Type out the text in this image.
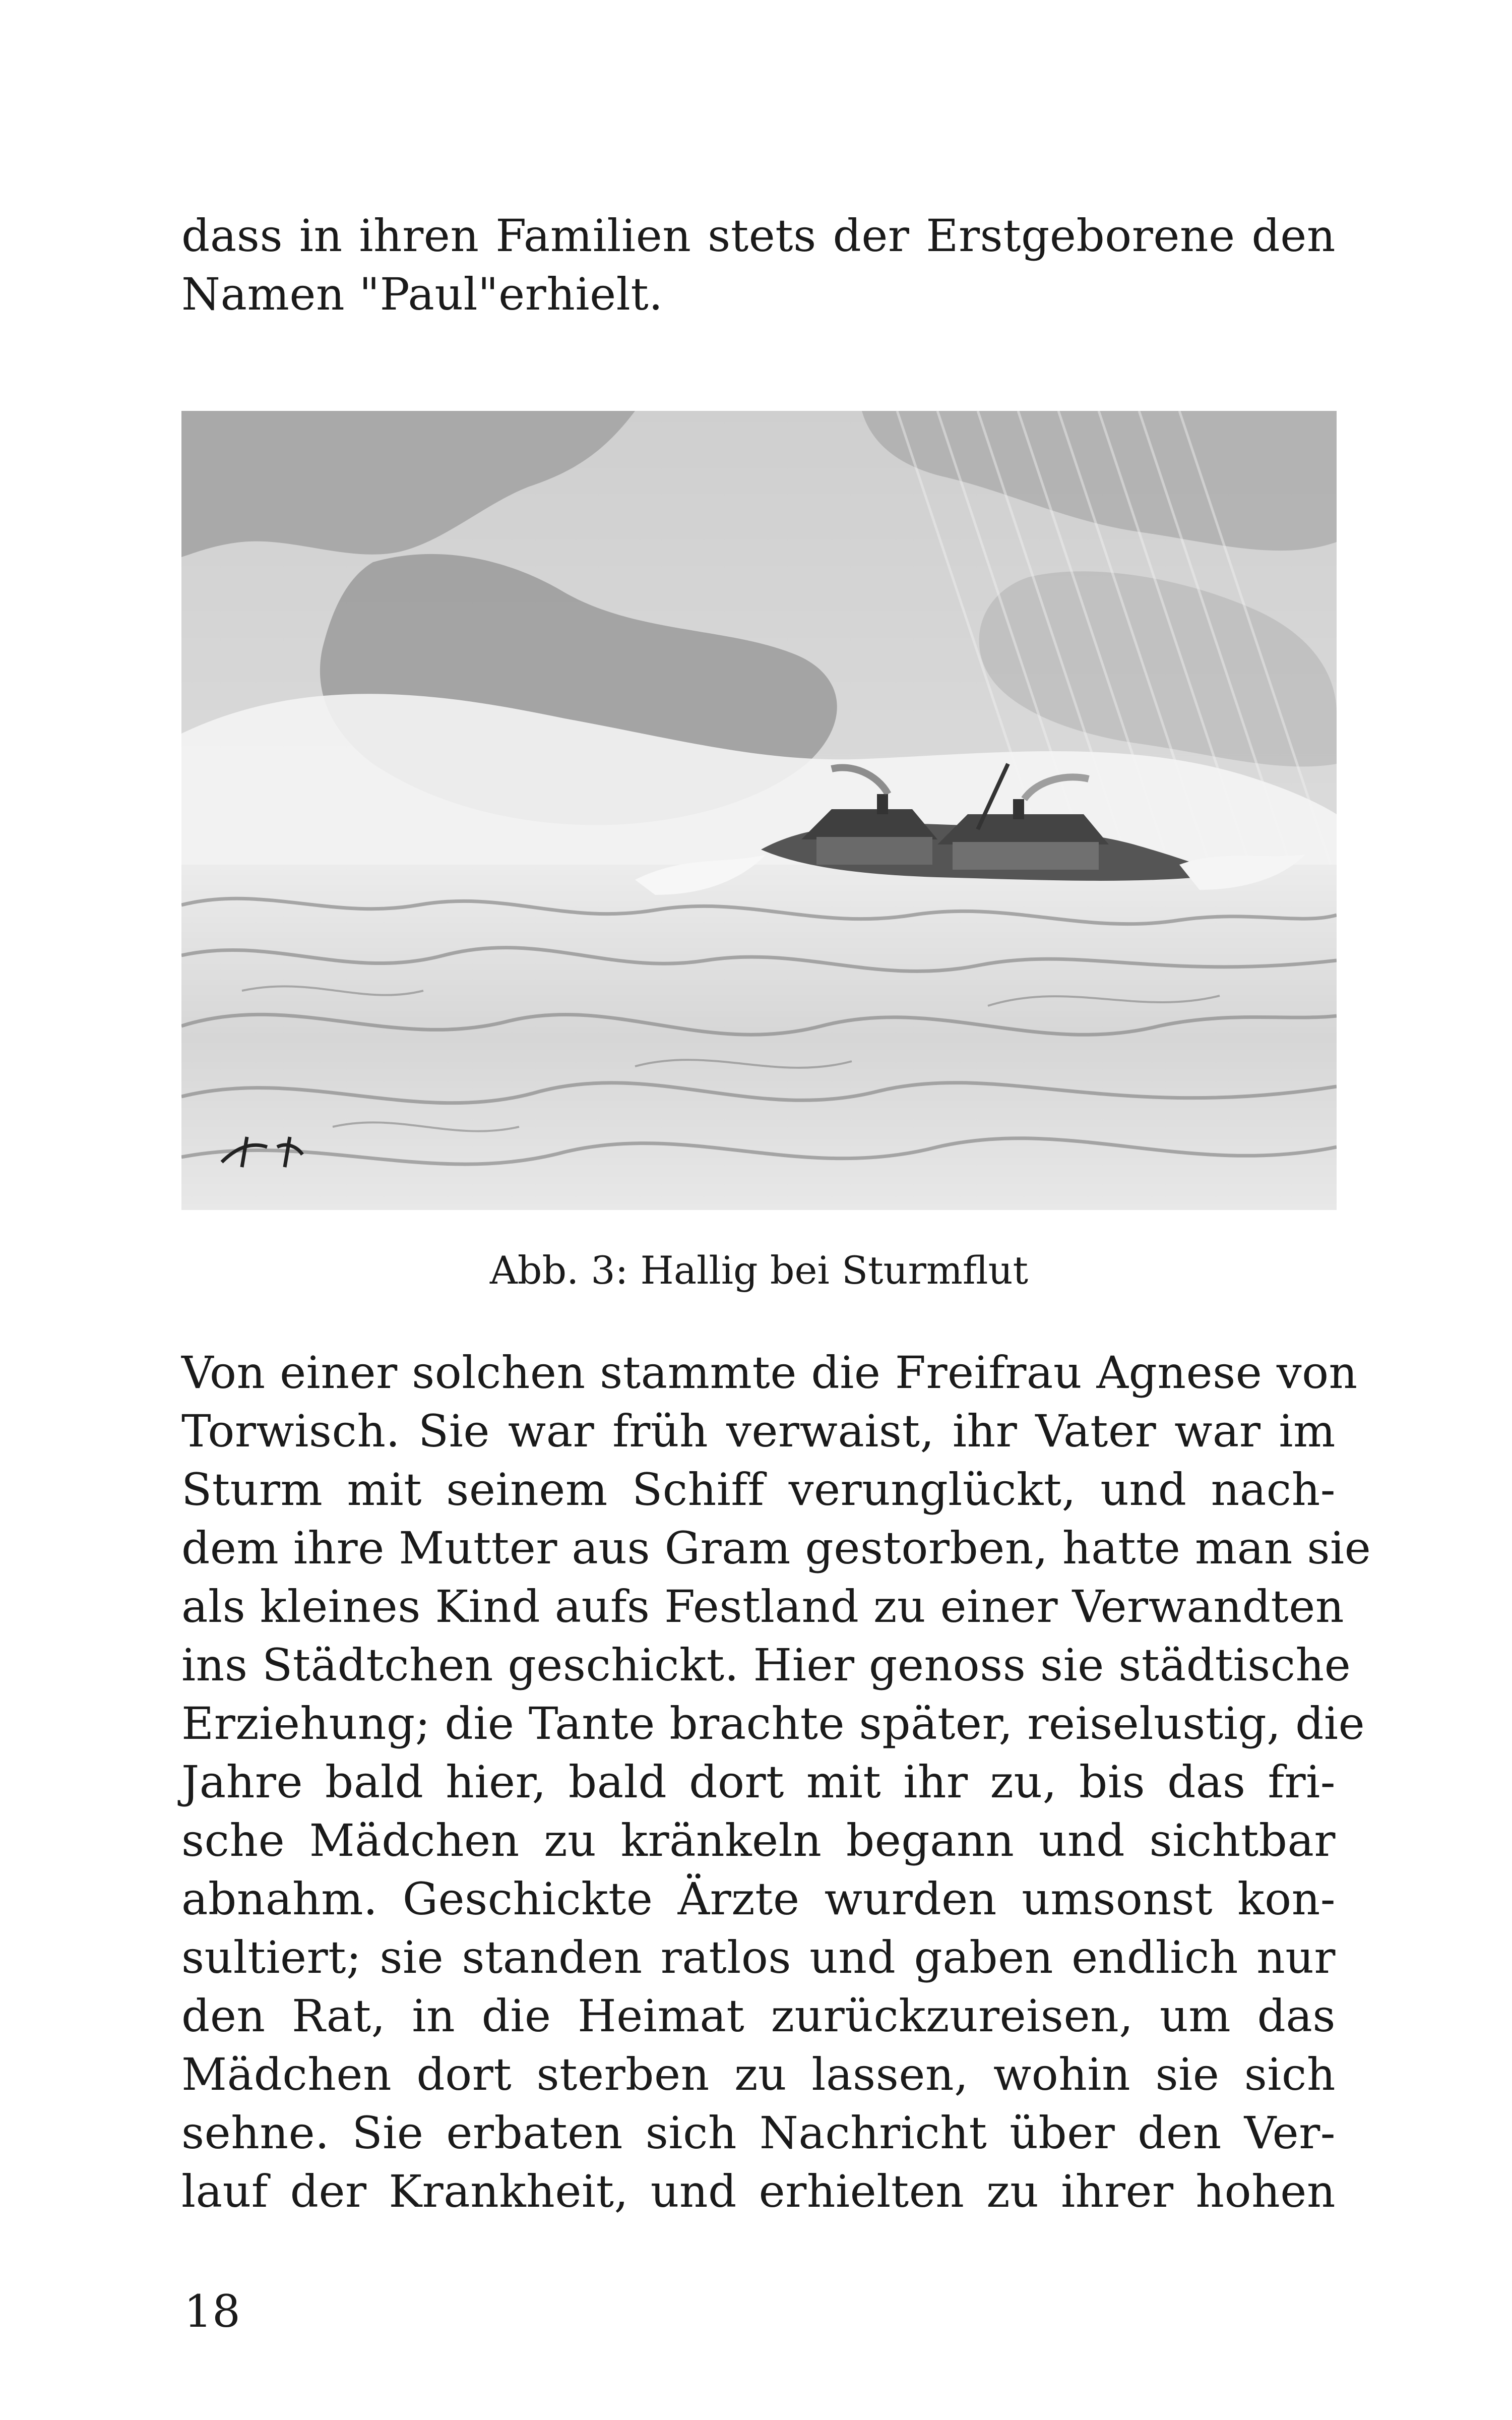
dass in ihren Familien stets der Erstgeborene den
Namen "Paul"erhielt.
Abb. 3: Hallig bei Sturmflut
Von einer solchen stammte die Freifrau Agnese von
Torwisch. Sie war früh verwaist, ihr Vater war im
Sturm mit seinem Schiff verunglückt, und nach-
dem ihre Mutter aus Gram gestorben, hatte man sie
als kleines Kind aufs Festland zu einer Verwandten
ins Städtchen geschickt. Hier genoss sie städtische
Erziehung; die Tante brachte später, reiselustig, die
Jahre bald hier, bald dort mit ihr zu, bis das fri-
sche Mädchen zu kränkeln begann und sichtbar
abnahm. Geschickte Ärzte wurden umsonst kon-
sultiert; sie standen ratlos und gaben endlich nur
den Rat, in die Heimat zurückzureisen, um das
Mädchen dort sterben zu lassen, wohin sie sich
sehne. Sie erbaten sich Nachricht über den Ver-
lauf der Krankheit, und erhielten zu ihrer hohen
18
